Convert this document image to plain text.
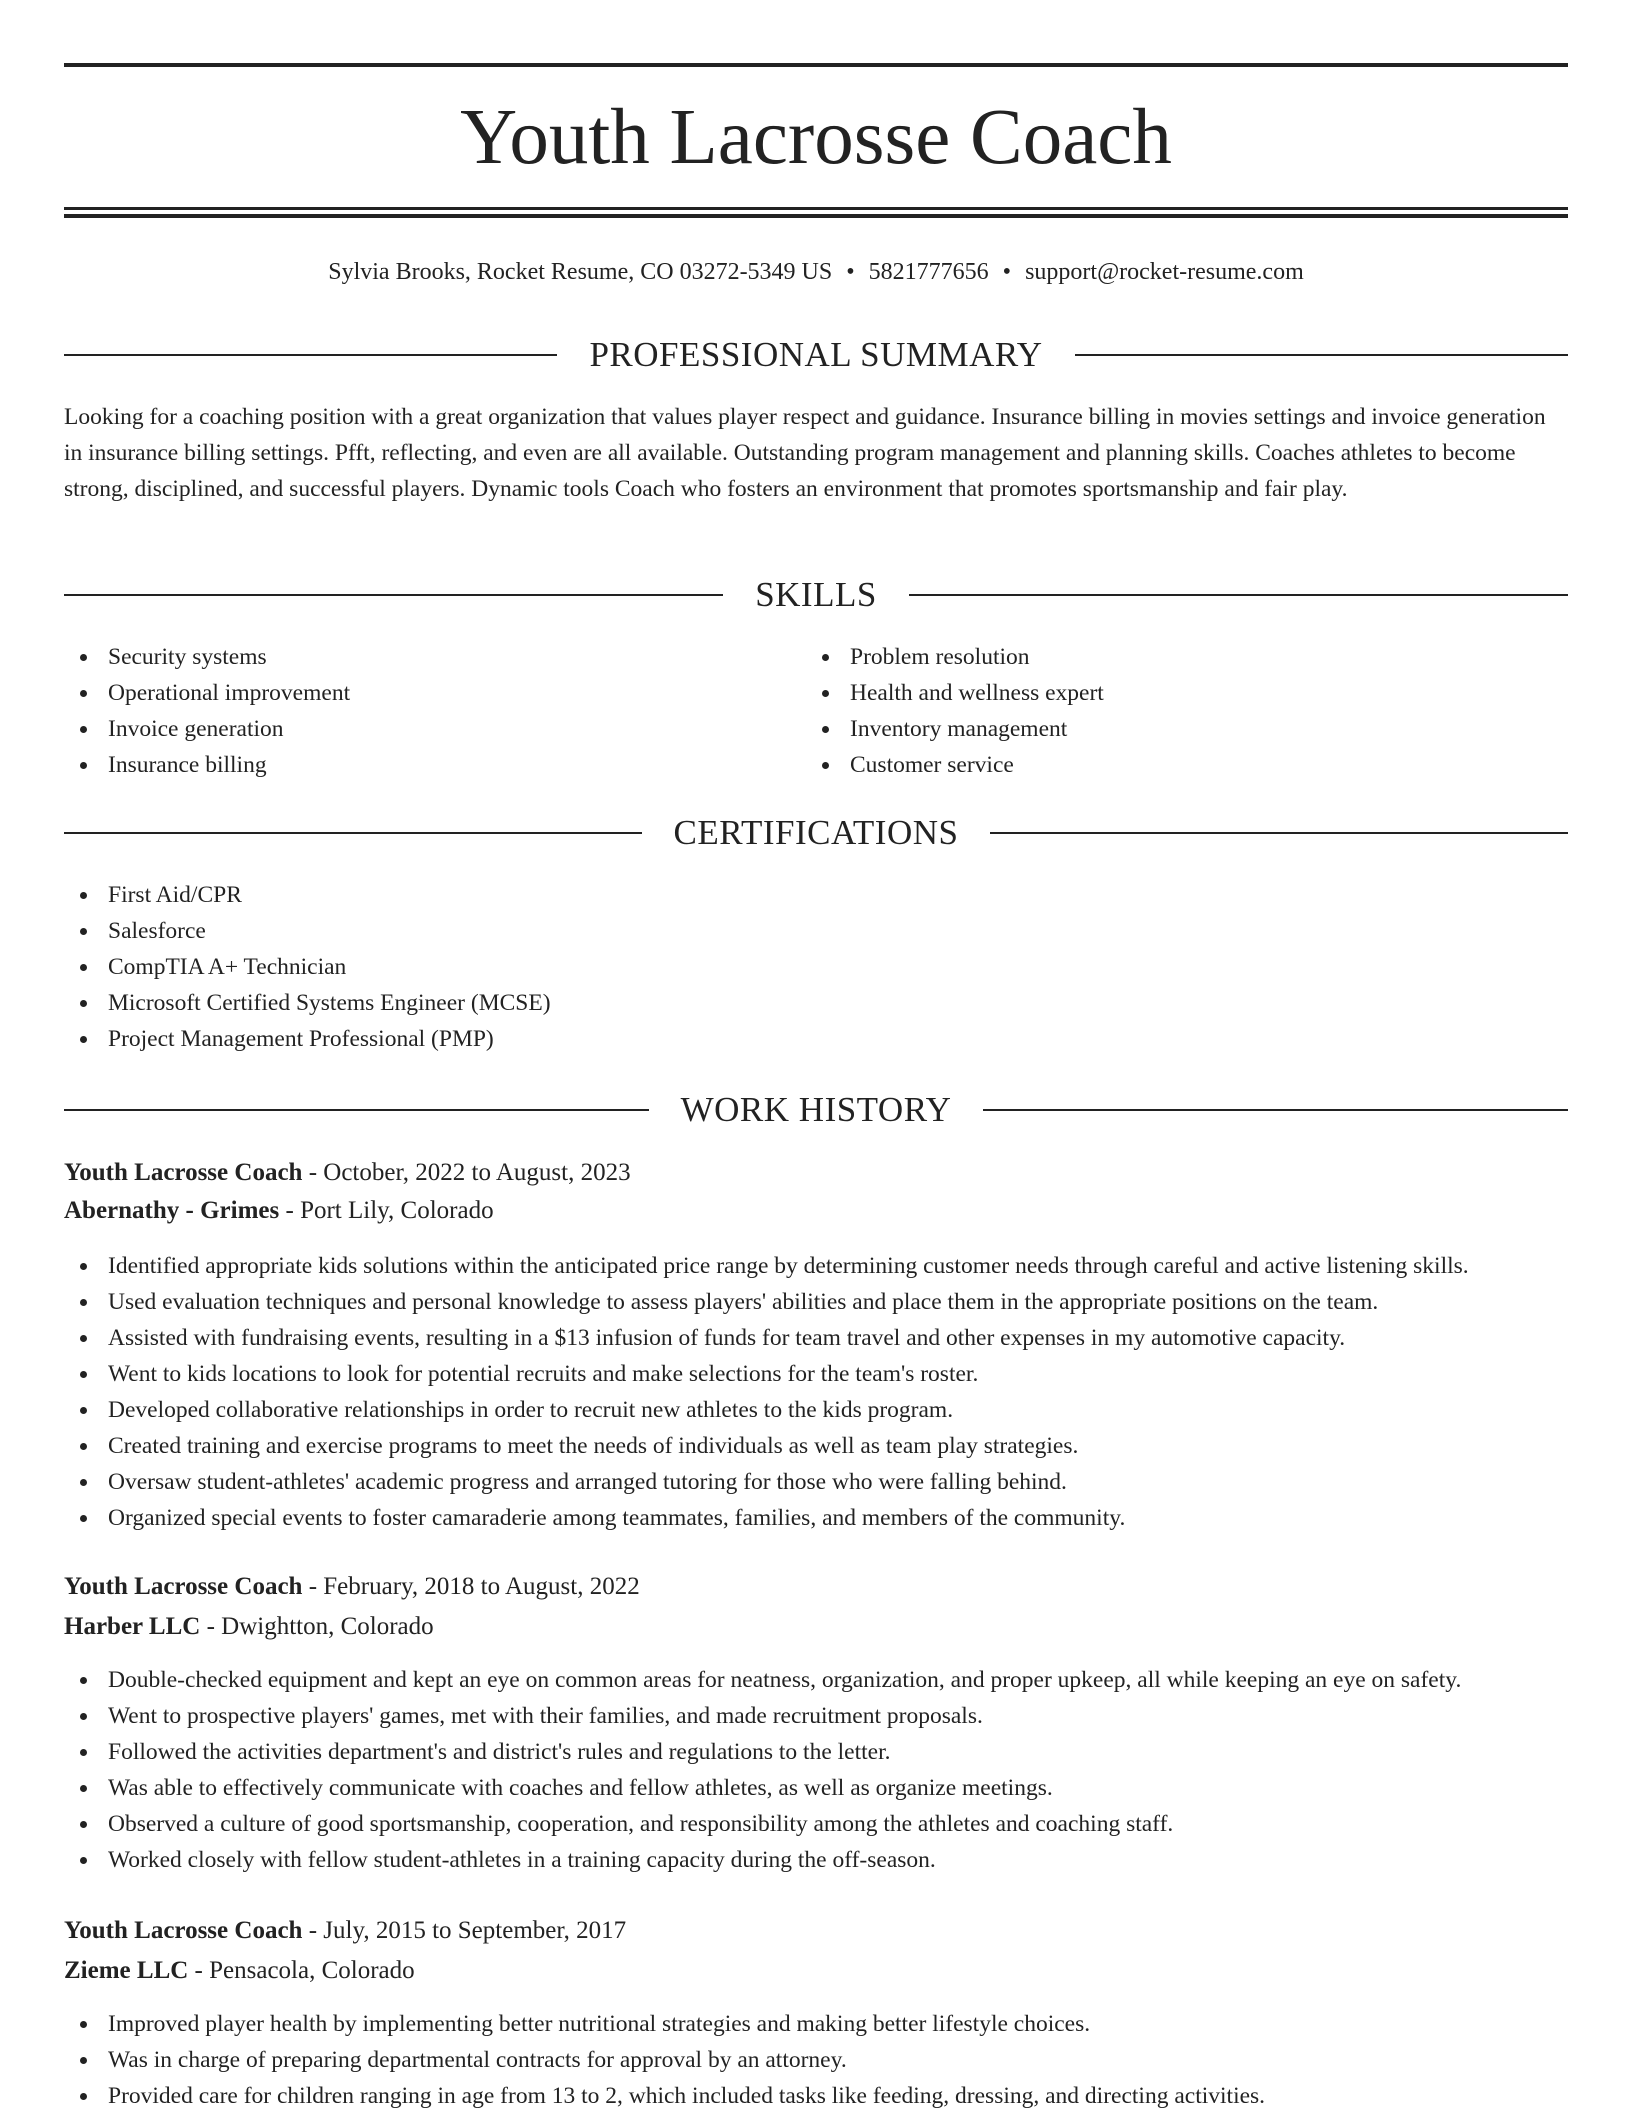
Youth Lacrosse Coach
Sylvia Brooks, Rocket Resume, CO 03272-5349 US • 5821777656 • support@rocket-resume.com
PROFESSIONAL SUMMARY

Looking for a coaching position with a great organization that values player respect and guidance. Insurance billing in movies settings and invoice generation in insurance billing settings. Pfft, reflecting, and even are all available. Outstanding program management and planning skills. Coaches athletes to become strong, disciplined, and successful players. Dynamic tools Coach who fosters an environment that promotes sportsmanship and fair play.

SKILLS
Security systems
Operational improvement
Invoice generation
Insurance billing
Problem resolution
Health and wellness expert
Inventory management
Customer service
CERTIFICATIONS
First Aid/CPR
Salesforce
CompTIA A+ Technician
Microsoft Certified Systems Engineer (MCSE)
Project Management Professional (PMP)
WORK HISTORY
Youth Lacrosse Coach - October, 2022 to August, 2023
Abernathy - Grimes - Port Lily, Colorado
Identified appropriate kids solutions within the anticipated price range by determining customer needs through careful and active listening skills.
Used evaluation techniques and personal knowledge to assess players' abilities and place them in the appropriate positions on the team.
Assisted with fundraising events, resulting in a $13 infusion of funds for team travel and other expenses in my automotive capacity.
Went to kids locations to look for potential recruits and make selections for the team's roster.
Developed collaborative relationships in order to recruit new athletes to the kids program.
Created training and exercise programs to meet the needs of individuals as well as team play strategies.
Oversaw student-athletes' academic progress and arranged tutoring for those who were falling behind.
Organized special events to foster camaraderie among teammates, families, and members of the community.
Youth Lacrosse Coach - February, 2018 to August, 2022
Harber LLC - Dwightton, Colorado
Double-checked equipment and kept an eye on common areas for neatness, organization, and proper upkeep, all while keeping an eye on safety.
Went to prospective players' games, met with their families, and made recruitment proposals.
Followed the activities department's and district's rules and regulations to the letter.
Was able to effectively communicate with coaches and fellow athletes, as well as organize meetings.
Observed a culture of good sportsmanship, cooperation, and responsibility among the athletes and coaching staff.
Worked closely with fellow student-athletes in a training capacity during the off-season.
Youth Lacrosse Coach - July, 2015 to September, 2017
Zieme LLC - Pensacola, Colorado
Improved player health by implementing better nutritional strategies and making better lifestyle choices.
Was in charge of preparing departmental contracts for approval by an attorney.
Provided care for children ranging in age from 13 to 2, which included tasks like feeding, dressing, and directing activities.
